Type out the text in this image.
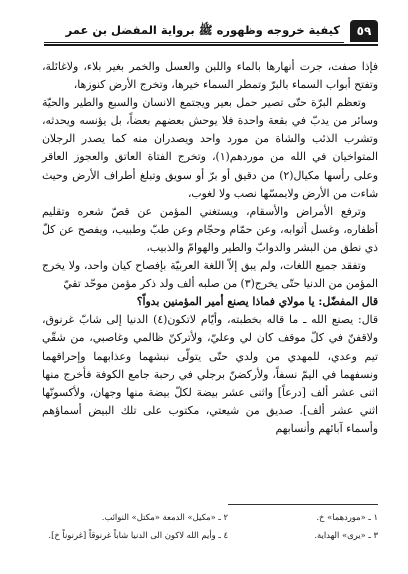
٥٩
كيفية خروجه وظهوره ﷺ برواية المفضل بن عمر

فإذا صفت، جرت أنهارها بالماء واللبن والعسل والخمر بغير بلاء، ولاغائلة، وتفتح أبواب السماء بالبرّ وتمطر السماء خيرها، وتخرج الأرض كنوزها،

وتعظم البرّة حتّى تصير حمل بعير ويجتمع الانسان والسبع والطير والحيّة وسائر من يدبّ في بقعة واحدة فلا يوحش بعضهم بعضاً، بل يؤنسه ويحدثه، وتشرب الذئب والشاة من مورد واحد ويصدران منه كما يصدر الرجلان المتواخيان في الله من موردهم(١)، وتخرج الفتاة العاتق والعجوز العاقر وعلى رأسها مكيال(٢) من دقيق أو برّ أو سويق وتبلغ أطراف الأرض وحيث شاءت من الأرض ولايمسّها نصب ولا لغوب،

وترفع الأمراض والأسقام، ويستغني المؤمن عن قصّ شعره وتقليم أظفاره، وغسل أثوابه، وعن حمّام وحجّام وعن طبّ وطبيب، ويفصح عن كلّ ذي نطق من البشر والدوابّ والطير والهوامّ والذبيب،

وتفقد جميع اللغات، ولم يبق إلاّ اللغة العربيّة بإفصاح كيان واحد، ولا يخرج المؤمن من الدنيا حتّى يخرج(٣) من صلبه ألف ولد ذكر مؤمن موحّد تقيّ

قال المفضّل: يا مولاي فماذا يصنع أمير المؤمنين بدواً؟

قال: يصنع الله ـ ما قاله بخطبته، وأيّام لاتكون(٤) الدنيا إلى شابّ غرنوق، ولاقفنّ في كلّ موقف كان لي وعليّ، ولأتركنّ ظالمي وغاصبي، من شقّي تيم وعدي، للمهدي من ولدي حتّى يتولّى نبشهما وعذابهما وإحراقهما ونسفهما في اليمّ نسفاً، ولأركضنّ برجلي في رحبة جامع الكوفة فأخرج منها اثنى عشر ألف [درعاً] واثنى عشر بيضة لكلّ بيضة منها وجهان، ولأكسونّها اثني عشر ألف]. صديق من شيعتي، مكتوب على تلك البيض أسماؤهم وأسماء آبائهم وأنسابهم

١ ـ «موردهما» خ.
٢ ـ «مكيل» الدمعة «مكتل» النوائب.
٣ ـ «يرى» الهداية.
٤ ـ وأيم الله لاكون الى الدنيا شاباً غرنوقاً [غرنوناً خ].
